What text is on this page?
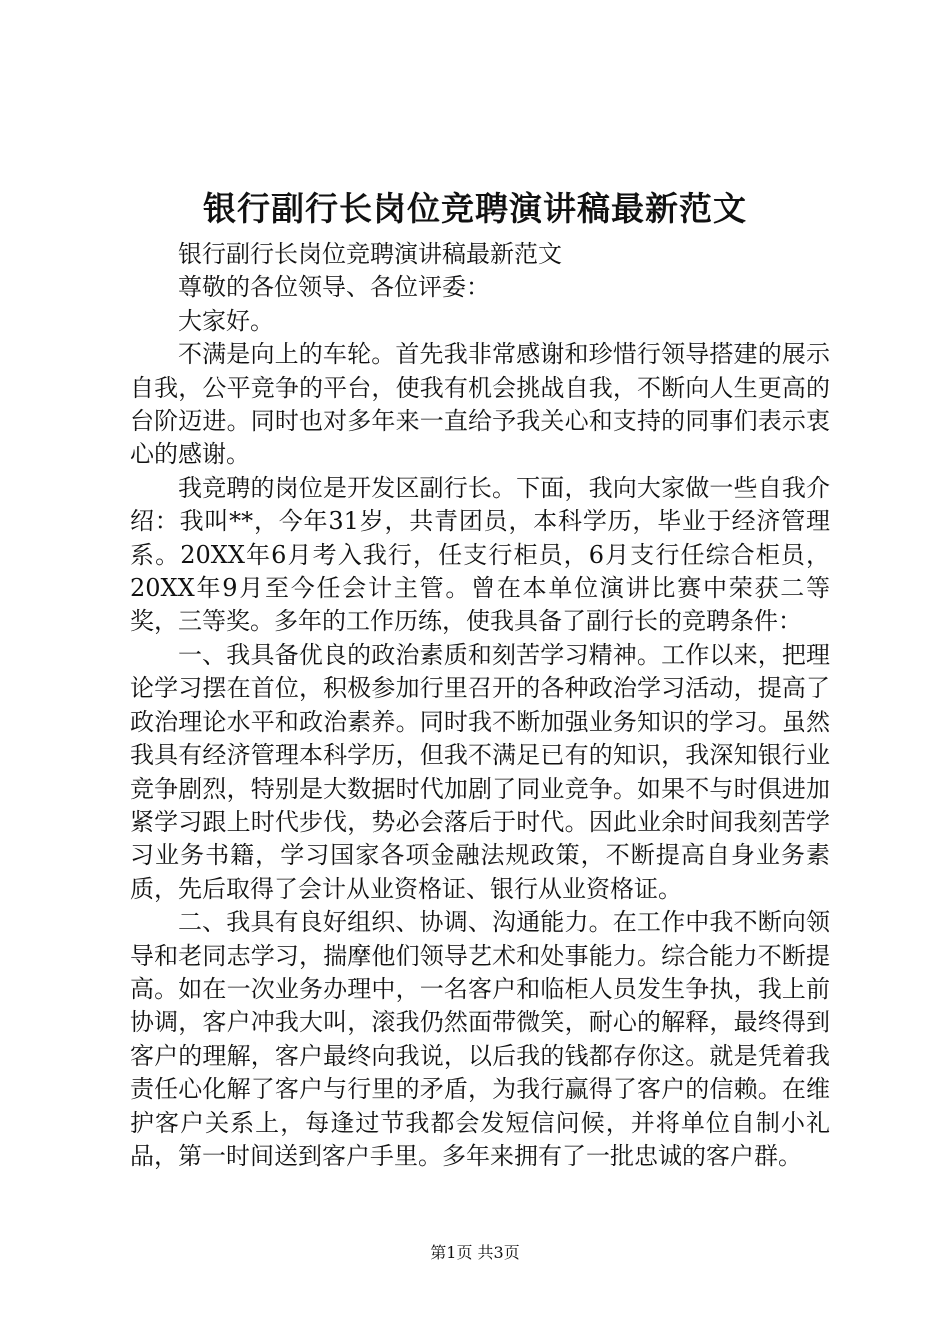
银行副行长岗位竞聘演讲稿最新范文

银行副行长岗位竞聘演讲稿最新范文

尊敬的各位领导、各位评委：

大家好。

不满是向上的车轮。首先我非常感谢和珍惜行领导搭建的展示自我，公平竞争的平台，使我有机会挑战自我，不断向人生更高的台阶迈进。同时也对多年来一直给予我关心和支持的同事们表示衷心的感谢。

我竞聘的岗位是开发区副行长。下面，我向大家做一些自我介绍：我叫**，今年31岁，共青团员，本科学历，毕业于经济管理系。20XX年6月考入我行，任支行柜员，6月支行任综合柜员，20XX年9月至今任会计主管。曾在本单位演讲比赛中荣获二等奖，三等奖。多年的工作历练，使我具备了副行长的竞聘条件：

一、我具备优良的政治素质和刻苦学习精神。工作以来，把理论学习摆在首位，积极参加行里召开的各种政治学习活动，提高了政治理论水平和政治素养。同时我不断加强业务知识的学习。虽然我具有经济管理本科学历，但我不满足已有的知识，我深知银行业竞争剧烈，特别是大数据时代加剧了同业竞争。如果不与时俱进加紧学习跟上时代步伐，势必会落后于时代。因此业余时间我刻苦学习业务书籍，学习国家各项金融法规政策，不断提高自身业务素质，先后取得了会计从业资格证、银行从业资格证。

二、我具有良好组织、协调、沟通能力。在工作中我不断向领导和老同志学习，揣摩他们领导艺术和处事能力。综合能力不断提高。如在一次业务办理中，一名客户和临柜人员发生争执，我上前协调，客户冲我大叫，滚我仍然面带微笑，耐心的解释，最终得到客户的理解，客户最终向我说，以后我的钱都存你这。就是凭着我责任心化解了客户与行里的矛盾，为我行赢得了客户的信赖。在维护客户关系上，每逢过节我都会发短信问候，并将单位自制小礼品，第一时间送到客户手里。多年来拥有了一批忠诚的客户群。

第1页 共3页
